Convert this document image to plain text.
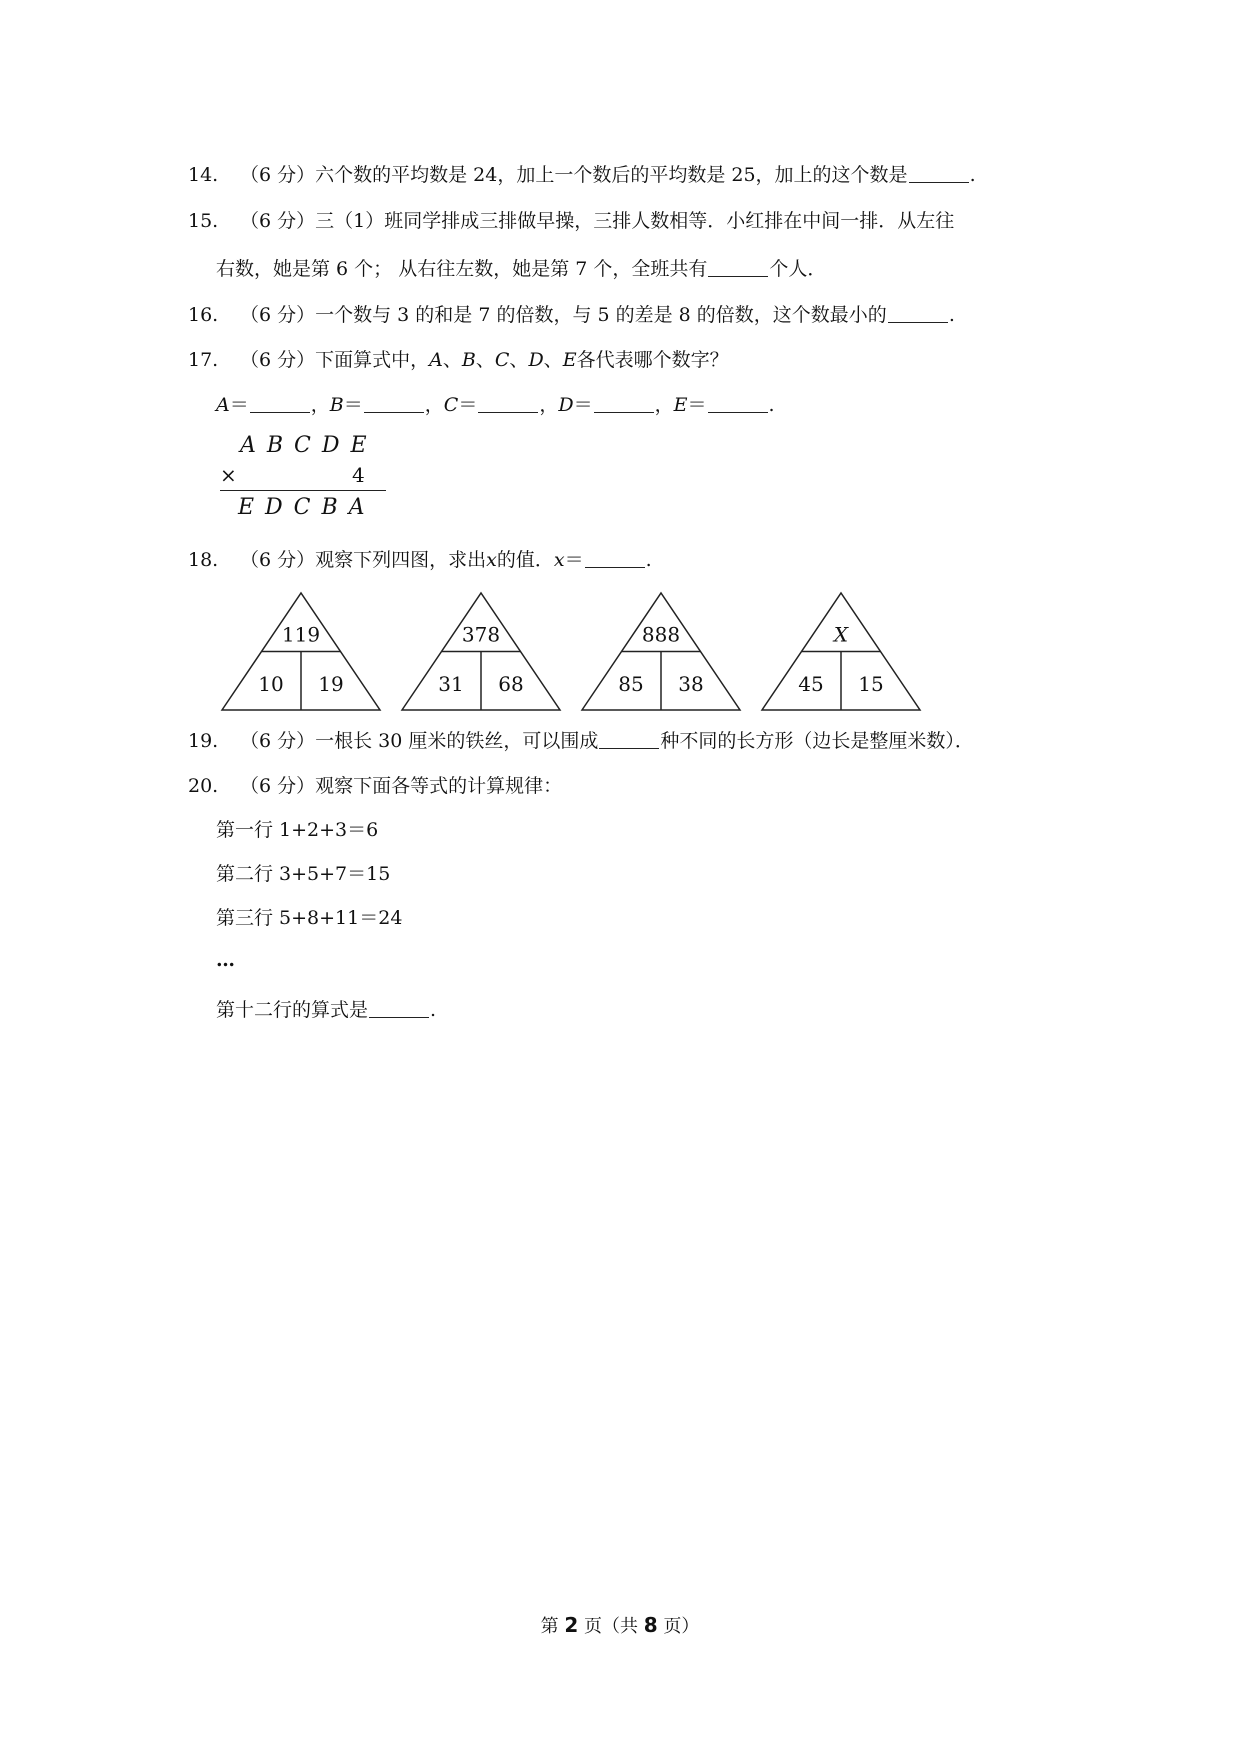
14. （6 分）六个数的平均数是 24，加上一个数后的平均数是 25，加上的这个数是	.
15. （6 分）三（1）班同学排成三排做早操，三排人数相等．小红排在中间一排．从左往
右数，她是第 6 个； 从右往左数，她是第 7 个，全班共有	个人．
16. （6 分）一个数与 3 的和是 7 的倍数，与 5 的差是 8 的倍数，这个数最小的	.
17. （6 分）下面算式中，A、B、C、D、E各代表哪个数字？
A＝	，B＝	，C＝	，D＝	，E＝	.
A B C D E
×	4
E D C B A
18. （6 分）观察下列四图，求出x的值．x＝	.
119
10 19
378
31 68
888
85 38
X
45 15
19. （6 分）一根长 30 厘米的铁丝，可以围成	种不同的长方形（边长是整厘米数）．
20. （6 分）观察下面各等式的计算规律：
第一行 1+2+3＝6
第二行 3+5+7＝15
第三行 5+8+11＝24
…
第十二行的算式是	.
第 2 页（共 8 页）
